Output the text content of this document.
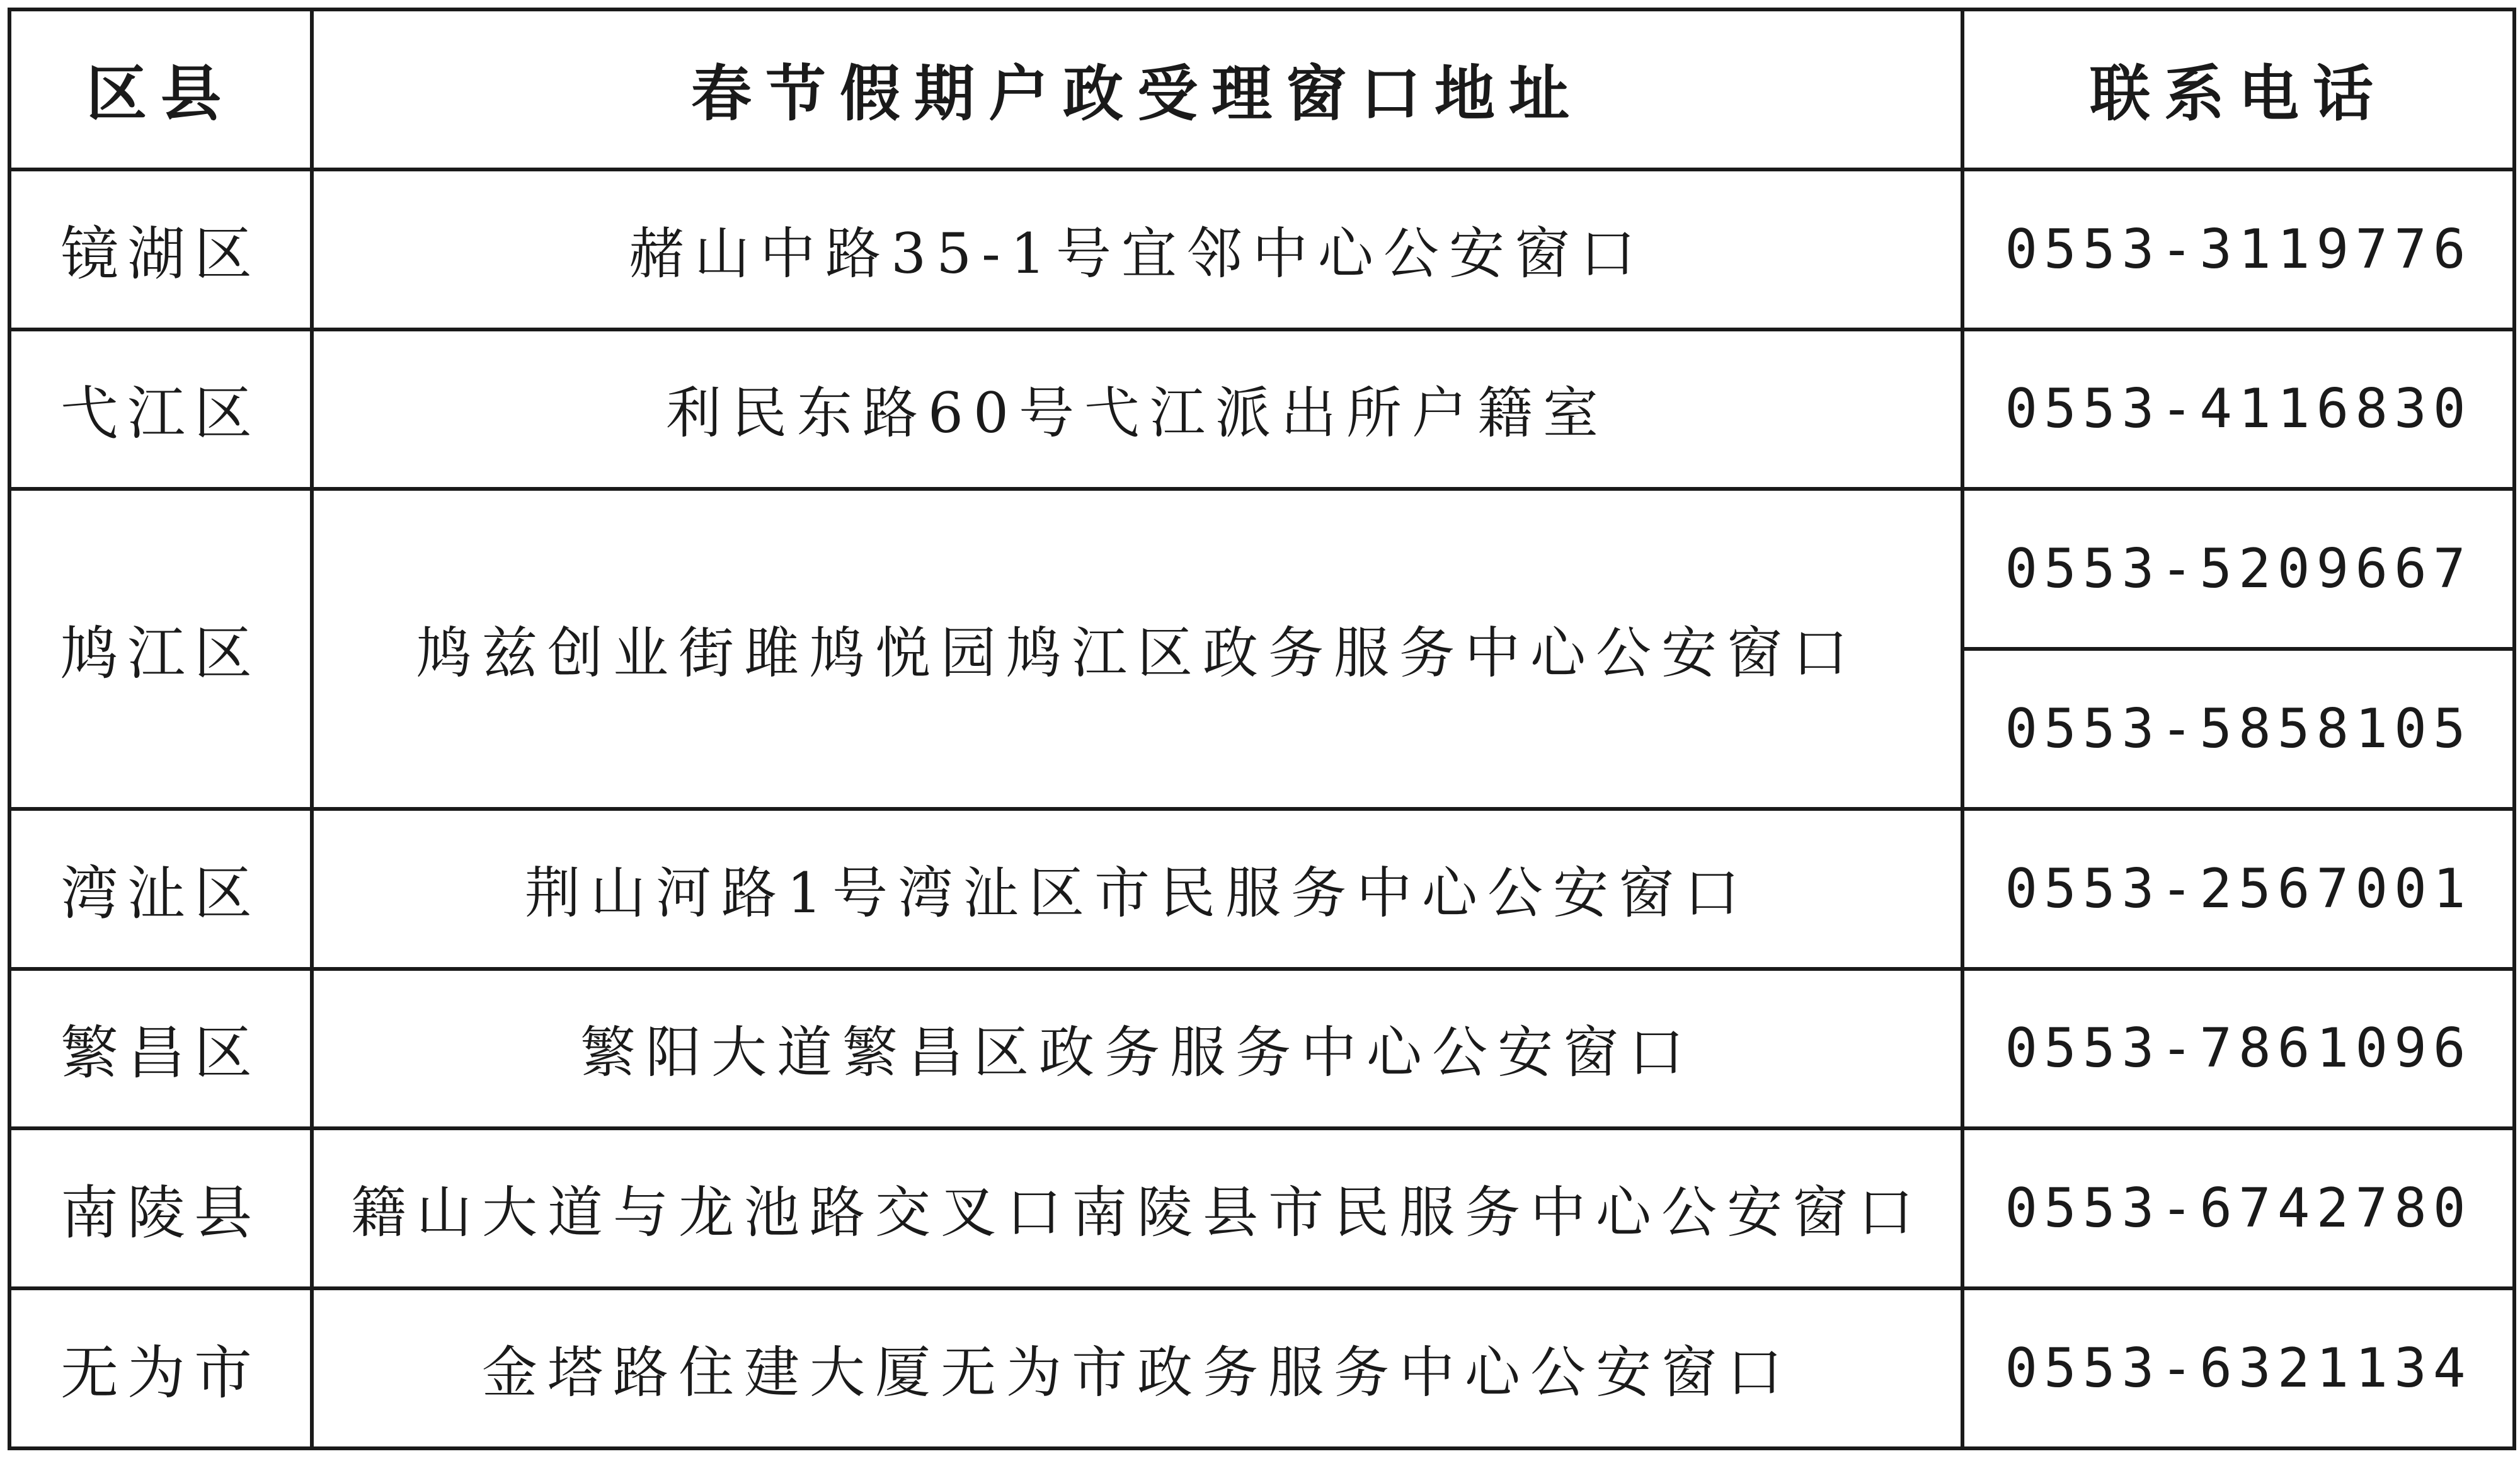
区县	春节假期户政受理窗口地址	联系电话
镜湖区	赭山中路35-1号宜邻中心公安窗口	0553-3119776
弋江区	利民东路60号弋江派出所户籍室	0553-4116830
鸠江区	鸠兹创业街雎鸠悦园鸠江区政务服务中心公安窗口	0553-5209667
		0553-5858105
湾沚区	荆山河路1号湾沚区市民服务中心公安窗口	0553-2567001
繁昌区	繁阳大道繁昌区政务服务中心公安窗口	0553-7861096
南陵县	籍山大道与龙池路交叉口南陵县市民服务中心公安窗口	0553-6742780
无为市	金塔路住建大厦无为市政务服务中心公安窗口	0553-6321134
